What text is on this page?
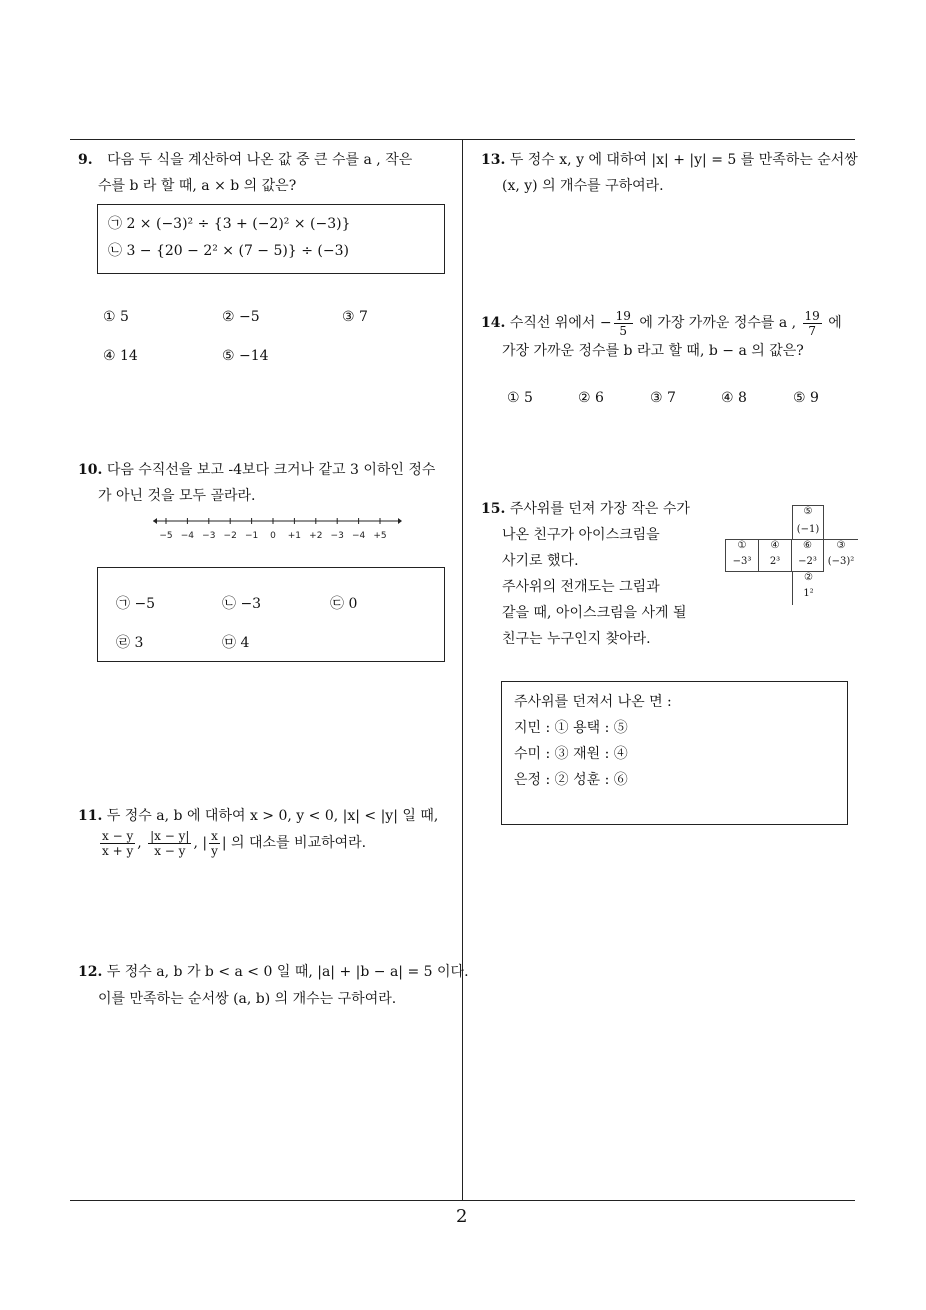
9. 다음 두 식을 계산하여 나온 값 중 큰 수를 a , 작은
수를 b 라 할 때, a × b 의 값은?
㉠ 2 × (−3)² ÷ {3 + (−2)² × (−3)}
㉡ 3 − {20 − 2² × (7 − 5)} ÷ (−3)
① 5	② −5	③ 7
④ 14	⑤ −14
10. 다음 수직선을 보고 -4보다 크거나 같고 3 이하인 정수
가 아닌 것을 모두 골라라.
−5 −4 −3 −2 −1 0 +1 +2 −3 −4 +5
㉠ −5	㉡ −3	㉢ 0
㉣ 3	㉤ 4
11. 두 정수 a, b 에 대하여 x > 0, y < 0, |x| < |y| 일 때,
$\frac{x - y}{x + y}$ , $\frac{|x - y|}{x - y}$ , | $\frac{x}{y}$ | 의 대소를 비교하여라.
12. 두 정수 a, b 가 b < a < 0 일 때, |a| + |b − a| = 5 이다.
이를 만족하는 순서쌍 (a, b) 의 개수는 구하여라.
13. 두 정수 x, y 에 대하여 |x| + |y| = 5 를 만족하는 순서쌍
(x, y) 의 개수를 구하여라.
14. 수직선 위에서 − $\frac{19}{5}$ 에 가장 가까운 정수를 a , $\frac{19}{7}$ 에
가장 가까운 정수를 b 라고 할 때, b − a 의 값은?
① 5	② 6	③ 7	④ 8	⑤ 9
15. 주사위를 던져 가장 작은 수가
나온 친구가 아이스크림을
사기로 했다.
주사위의 전개도는 그림과
같을 때, 아이스크림을 사게 될
친구는 누구인지 찾아라.
⑤
(−1)
①
−3³
④
2³
⑥
−2³
③
(−3)²
②
1²
주사위를 던져서 나온 면 :
지민 : ① 용택 : ⑤
수미 : ③ 재원 : ④
은정 : ② 성훈 : ⑥
2
